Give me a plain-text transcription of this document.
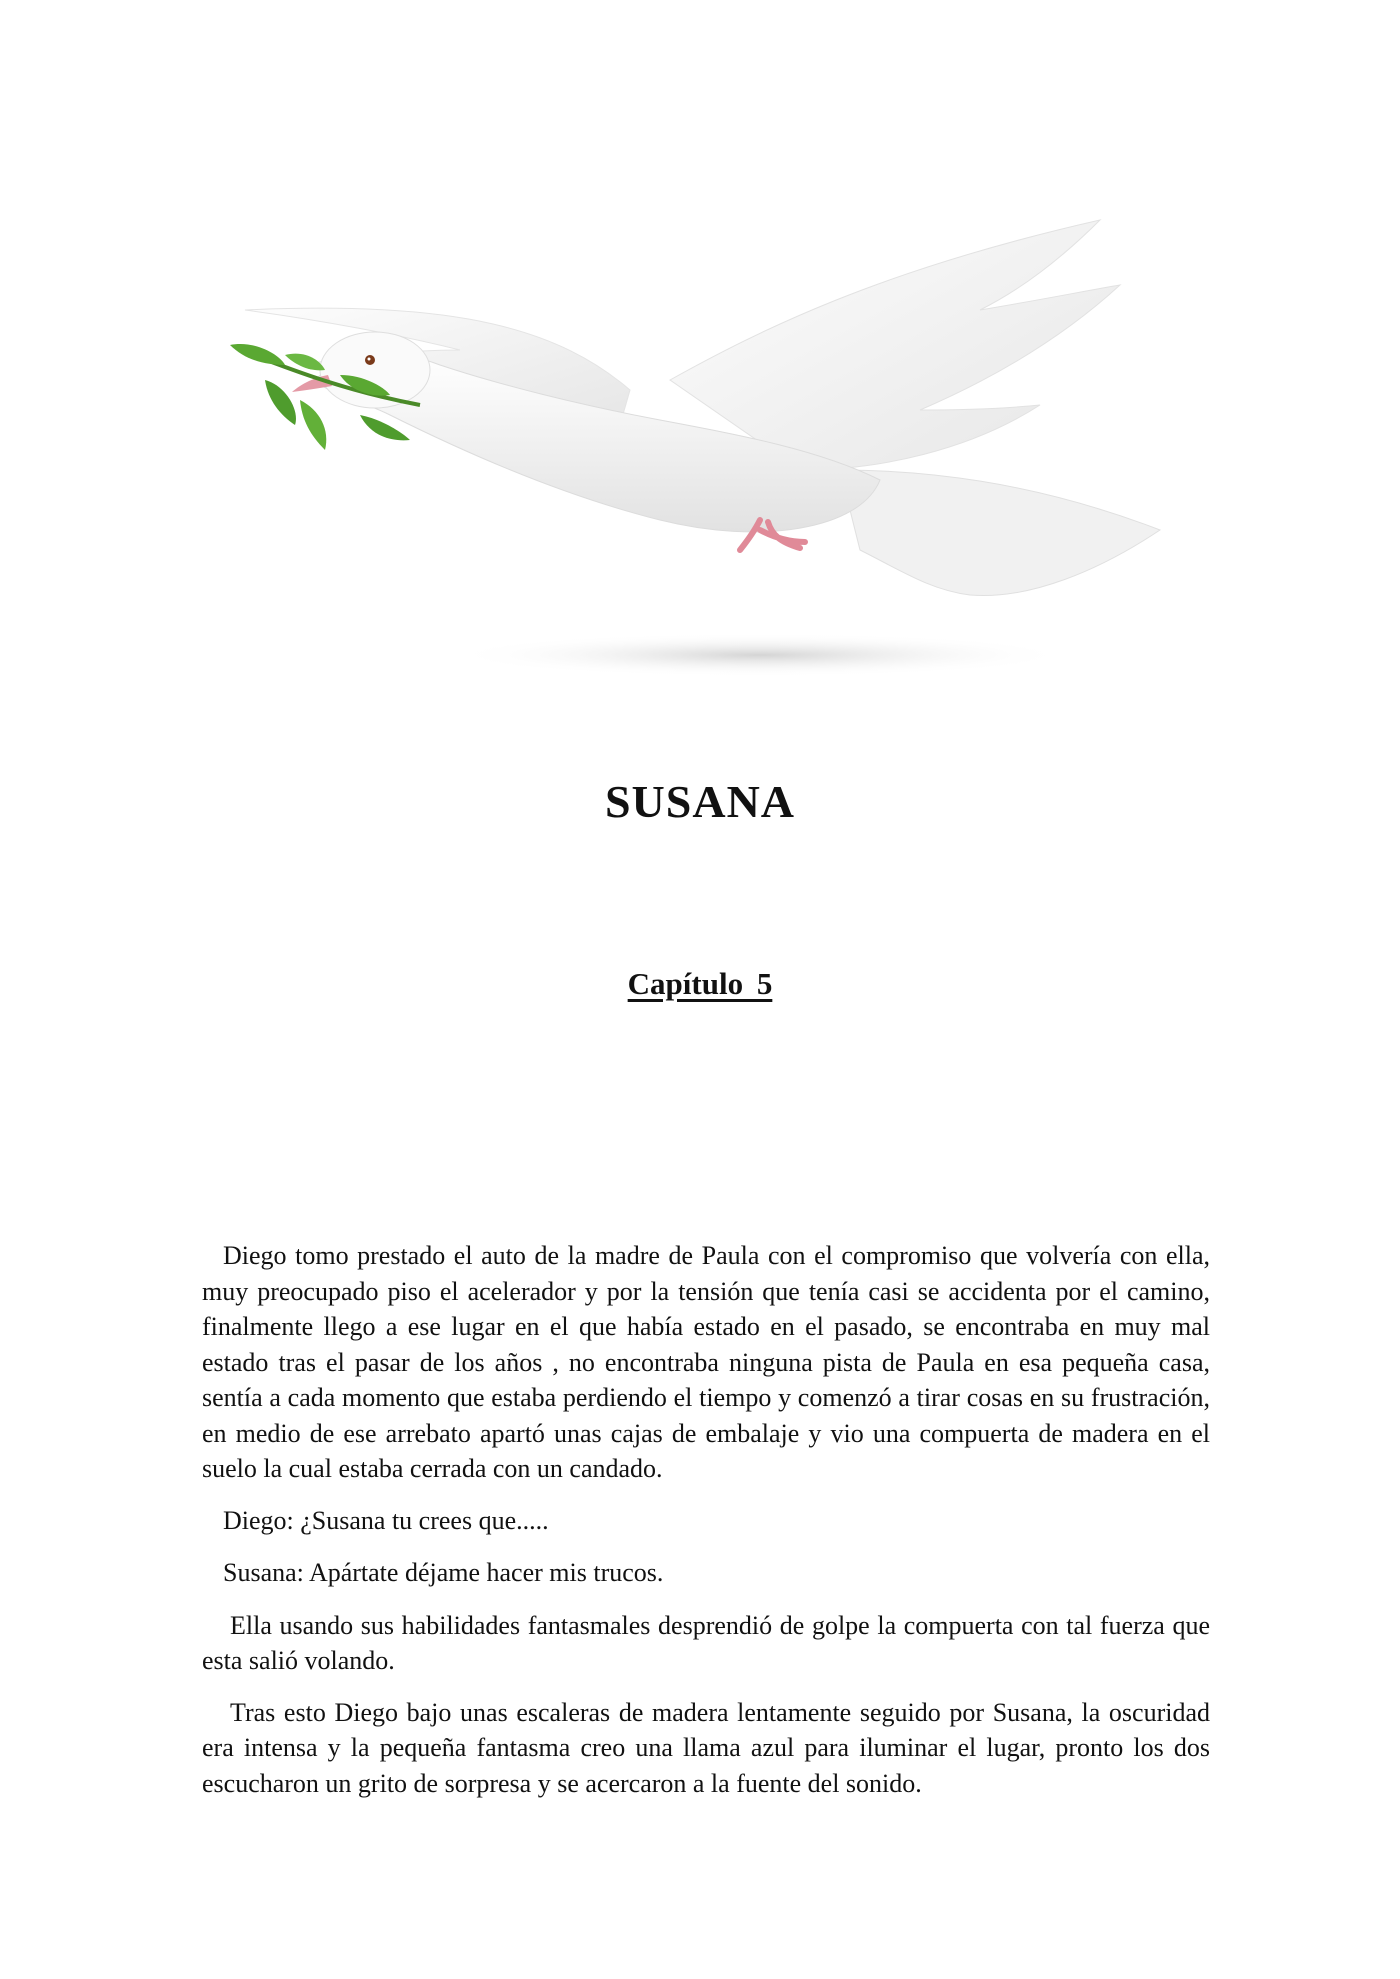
SUSANA
Capítulo 5

Diego tomo prestado el auto de la madre de Paula con el compromiso que volvería con ella, muy preocupado piso el acelerador y por la tensión que tenía casi se accidenta por el camino, finalmente llego a ese lugar en el que había estado en el pasado, se encontraba en muy mal estado tras el pasar de los años , no encontraba ninguna pista de Paula en esa pequeña casa, sentía a cada momento que estaba perdiendo el tiempo y comenzó a tirar cosas en su frustración, en medio de ese arrebato apartó unas cajas de embalaje y vio una compuerta de madera en el suelo la cual estaba cerrada con un candado.

Diego: ¿Susana tu crees que.....

Susana: Apártate déjame hacer mis trucos.

Ella usando sus habilidades fantasmales desprendió de golpe la compuerta con tal fuerza que esta salió volando.

Tras esto Diego bajo unas escaleras de madera lentamente seguido por Susana, la oscuridad era intensa y la pequeña fantasma creo una llama azul para iluminar el lugar, pronto los dos escucharon un grito de sorpresa y se acercaron a la fuente del sonido.
